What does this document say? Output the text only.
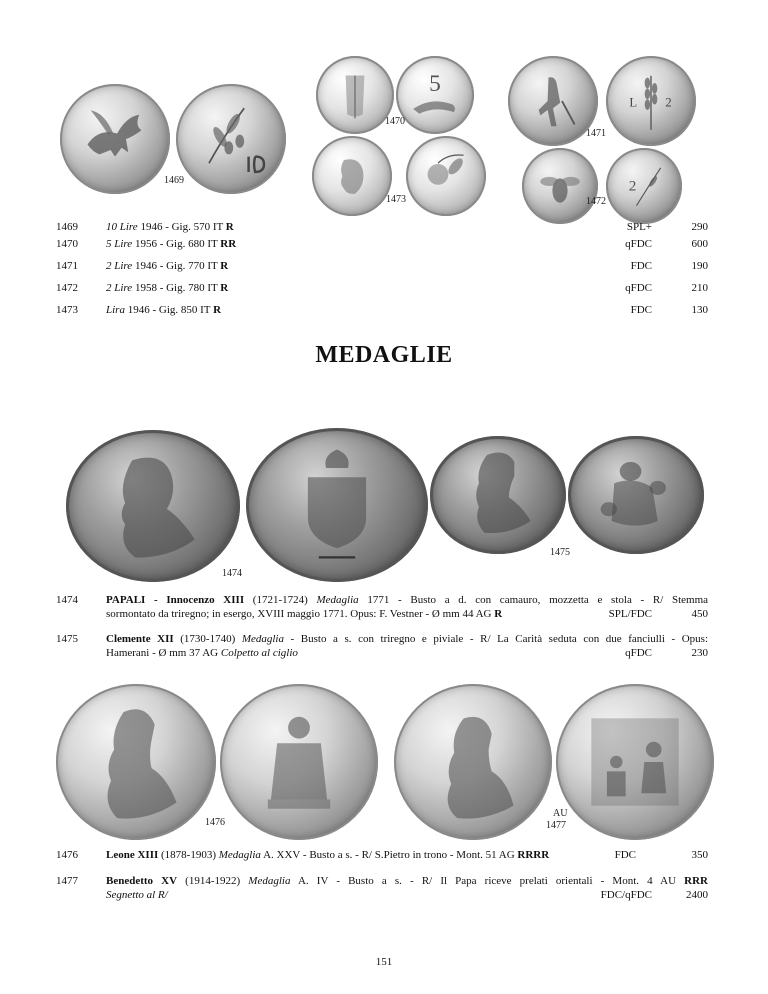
1469
5
1470
1473
L 2
1471
2
1472
1469	10 Lire 1946 - Gig. 570 IT R	SPL+	290
1470	5 Lire 1956 - Gig. 680 IT RR	qFDC	600
1471	2 Lire 1946 - Gig. 770 IT R	FDC	190
1472	2 Lire 1958 - Gig. 780 IT R	qFDC	210
1473	Lira 1946 - Gig. 850 IT R	FDC	130
MEDAGLIE
1474
1475
1474	PAPALI - Innocenzo XIII (1721-1724) Medaglia 1771 - Busto a d. con camauro, mozzetta e stola - R/ Stemma
sormontato da triregno; in esergo, XVIII maggio 1771. Opus: F. Vestner - Ø mm 44 AG R	SPL/FDC	450
1475	Clemente XII (1730-1740) Medaglia - Busto a s. con triregno e piviale - R/ La Carità seduta con due fanciulli - Opus:
Hamerani - Ø mm 37 AG Colpetto al ciglio	qFDC	230
1476
AU
1477
1476	Leone XIII (1878-1903) Medaglia A. XXV - Busto a s. - R/ S.Pietro in trono - Mont. 51 AG RRRR	FDC	350
1477	Benedetto XV (1914-1922) Medaglia A. IV - Busto a s. - R/ Il Papa riceve prelati orientali - Mont. 4 AU RRR
Segnetto al R/	FDC/qFDC	2400
151
